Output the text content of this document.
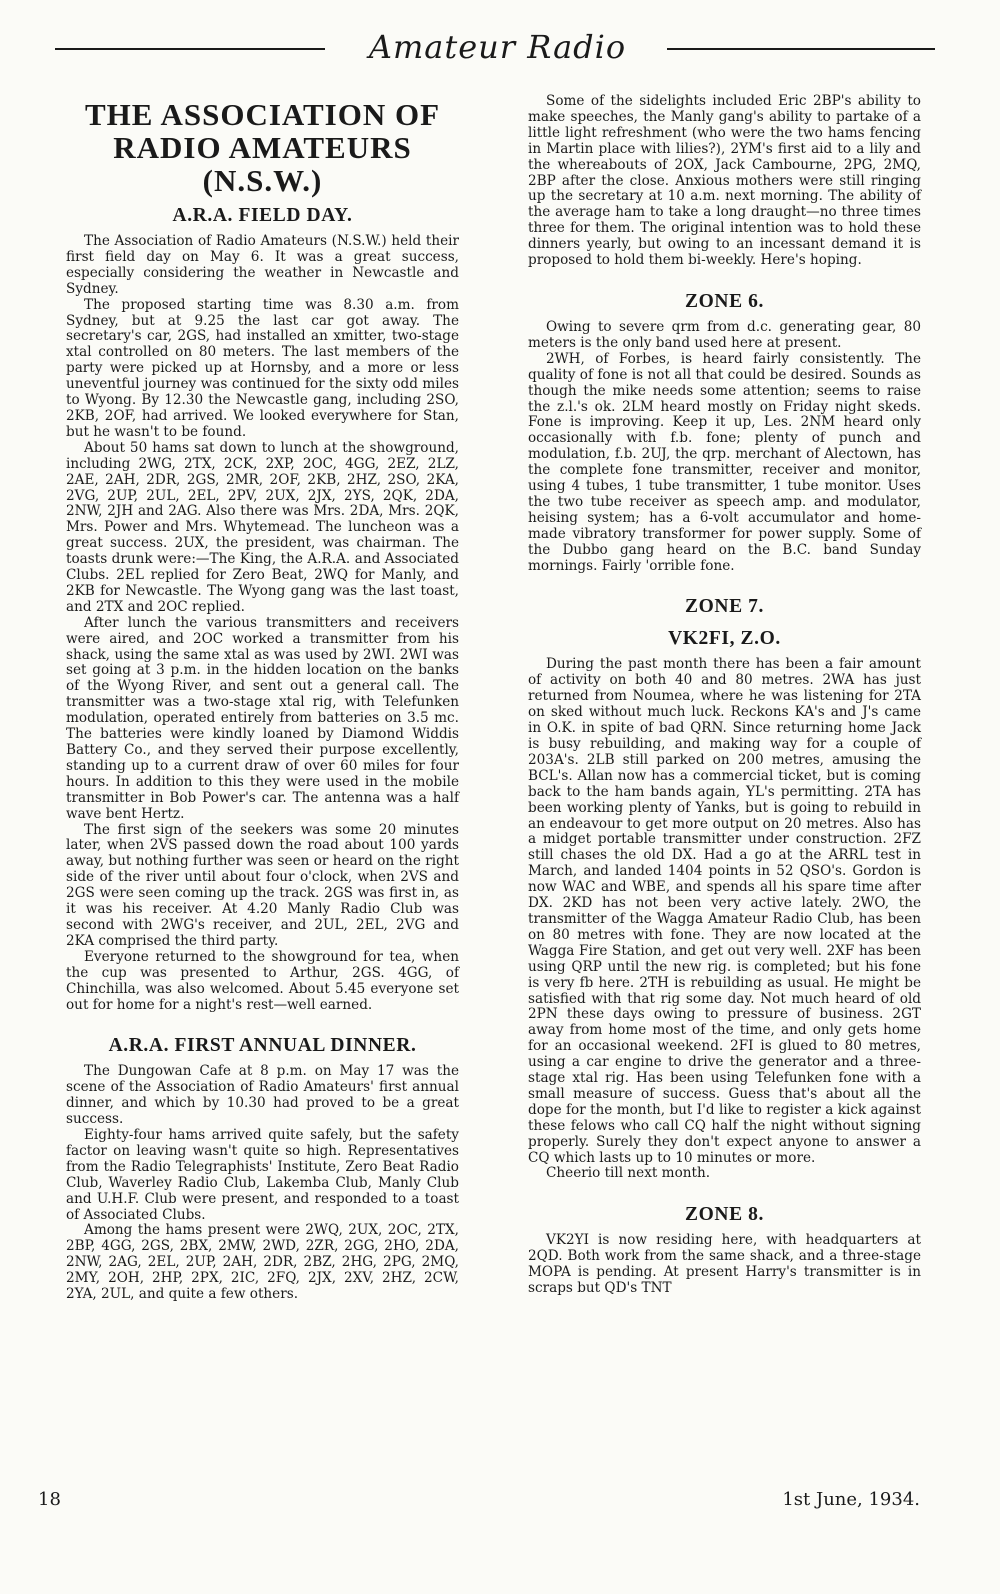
Amateur Radio
THE ASSOCIATION OF RADIO AMATEURS (N.S.W.)
A.R.A. FIELD DAY.

The Association of Radio Amateurs (N.S.W.) held their first field day on May 6. It was a great success, especially considering the weather in Newcastle and Sydney.

The proposed starting time was 8.30 a.m. from Sydney, but at 9.25 the last car got away. The secretary's car, 2GS, had installed an xmitter, two-stage xtal controlled on 80 meters. The last members of the party were picked up at Hornsby, and a more or less uneventful journey was continued for the sixty odd miles to Wyong. By 12.30 the Newcastle gang, including 2SO, 2KB, 2OF, had arrived. We looked everywhere for Stan, but he wasn't to be found.

About 50 hams sat down to lunch at the showground, including 2WG, 2TX, 2CK, 2XP, 2OC, 4GG, 2EZ, 2LZ, 2AE, 2AH, 2DR, 2GS, 2MR, 2OF, 2KB, 2HZ, 2SO, 2KA, 2VG, 2UP, 2UL, 2EL, 2PV, 2UX, 2JX, 2YS, 2QK, 2DA, 2NW, 2JH and 2AG. Also there was Mrs. 2DA, Mrs. 2QK, Mrs. Power and Mrs. Whytemead. The luncheon was a great success. 2UX, the president, was chairman. The toasts drunk were:—The King, the A.R.A. and Associated Clubs. 2EL replied for Zero Beat, 2WQ for Manly, and 2KB for Newcastle. The Wyong gang was the last toast, and 2TX and 2OC replied.

After lunch the various transmitters and receivers were aired, and 2OC worked a transmitter from his shack, using the same xtal as was used by 2WI. 2WI was set going at 3 p.m. in the hidden location on the banks of the Wyong River, and sent out a general call. The transmitter was a two-stage xtal rig, with Telefunken modulation, operated entirely from batteries on 3.5 mc. The batteries were kindly loaned by Diamond Widdis Battery Co., and they served their purpose excellently, standing up to a current draw of over 60 miles for four hours. In addition to this they were used in the mobile transmitter in Bob Power's car. The antenna was a half wave bent Hertz.

The first sign of the seekers was some 20 minutes later, when 2VS passed down the road about 100 yards away, but nothing further was seen or heard on the right side of the river until about four o'clock, when 2VS and 2GS were seen coming up the track. 2GS was first in, as it was his receiver. At 4.20 Manly Radio Club was second with 2WG's receiver, and 2UL, 2EL, 2VG and 2KA comprised the third party.

Everyone returned to the showground for tea, when the cup was presented to Arthur, 2GS. 4GG, of Chinchilla, was also welcomed. About 5.45 everyone set out for home for a night's rest—well earned.

A.R.A. FIRST ANNUAL DINNER.

The Dungowan Cafe at 8 p.m. on May 17 was the scene of the Association of Radio Amateurs' first annual dinner, and which by 10.30 had proved to be a great success.

Eighty-four hams arrived quite safely, but the safety factor on leaving wasn't quite so high. Representatives from the Radio Telegraphists' Institute, Zero Beat Radio Club, Waverley Radio Club, Lakemba Club, Manly Club and U.H.F. Club were present, and responded to a toast of Associated Clubs.

Among the hams present were 2WQ, 2UX, 2OC, 2TX, 2BP, 4GG, 2GS, 2BX, 2MW, 2WD, 2ZR, 2GG, 2HO, 2DA, 2NW, 2AG, 2EL, 2UP, 2AH, 2DR, 2BZ, 2HG, 2PG, 2MQ, 2MY, 2OH, 2HP, 2PX, 2IC, 2FQ, 2JX, 2XV, 2HZ, 2CW, 2YA, 2UL, and quite a few others.

Some of the sidelights included Eric 2BP's ability to make speeches, the Manly gang's ability to partake of a little light refreshment (who were the two hams fencing in Martin place with lilies?), 2YM's first aid to a lily and the whereabouts of 2OX, Jack Cambourne, 2PG, 2MQ, 2BP after the close. Anxious mothers were still ringing up the secretary at 10 a.m. next morning. The ability of the average ham to take a long draught—no three times three for them. The original intention was to hold these dinners yearly, but owing to an incessant demand it is proposed to hold them bi-weekly. Here's hoping.

ZONE 6.

Owing to severe qrm from d.c. generating gear, 80 meters is the only band used here at present.

2WH, of Forbes, is heard fairly consistently. The quality of fone is not all that could be desired. Sounds as though the mike needs some attention; seems to raise the z.l.'s ok. 2LM heard mostly on Friday night skeds. Fone is improving. Keep it up, Les. 2NM heard only occasionally with f.b. fone; plenty of punch and modulation, f.b. 2UJ, the qrp. merchant of Alectown, has the complete fone transmitter, receiver and monitor, using 4 tubes, 1 tube transmitter, 1 tube monitor. Uses the two tube receiver as speech amp. and modulator, heising system; has a 6-volt accumulator and home-made vibratory transformer for power supply. Some of the Dubbo gang heard on the B.C. band Sunday mornings. Fairly 'orrible fone.

ZONE 7.
VK2FI, Z.O.

During the past month there has been a fair amount of activity on both 40 and 80 metres. 2WA has just returned from Noumea, where he was listening for 2TA on sked without much luck. Reckons KA's and J's came in O.K. in spite of bad QRN. Since returning home Jack is busy rebuilding, and making way for a couple of 203A's. 2LB still parked on 200 metres, amusing the BCL's. Allan now has a commercial ticket, but is coming back to the ham bands again, YL's permitting. 2TA has been working plenty of Yanks, but is going to rebuild in an endeavour to get more output on 20 metres. Also has a midget portable transmitter under construction. 2FZ still chases the old DX. Had a go at the ARRL test in March, and landed 1404 points in 52 QSO's. Gordon is now WAC and WBE, and spends all his spare time after DX. 2KD has not been very active lately. 2WO, the transmitter of the Wagga Amateur Radio Club, has been on 80 metres with fone. They are now located at the Wagga Fire Station, and get out very well. 2XF has been using QRP until the new rig. is completed; but his fone is very fb here. 2TH is rebuilding as usual. He might be satisfied with that rig some day. Not much heard of old 2PN these days owing to pressure of business. 2GT away from home most of the time, and only gets home for an occasional weekend. 2FI is glued to 80 metres, using a car engine to drive the generator and a three-stage xtal rig. Has been using Telefunken fone with a small measure of success. Guess that's about all the dope for the month, but I'd like to register a kick against these felows who call CQ half the night without signing properly. Surely they don't expect anyone to answer a CQ which lasts up to 10 minutes or more.

Cheerio till next month.

ZONE 8.

VK2YI is now residing here, with headquarters at 2QD. Both work from the same shack, and a three-stage MOPA is pending. At present Harry's transmitter is in scraps but QD's TNT

18	1st June, 1934.
